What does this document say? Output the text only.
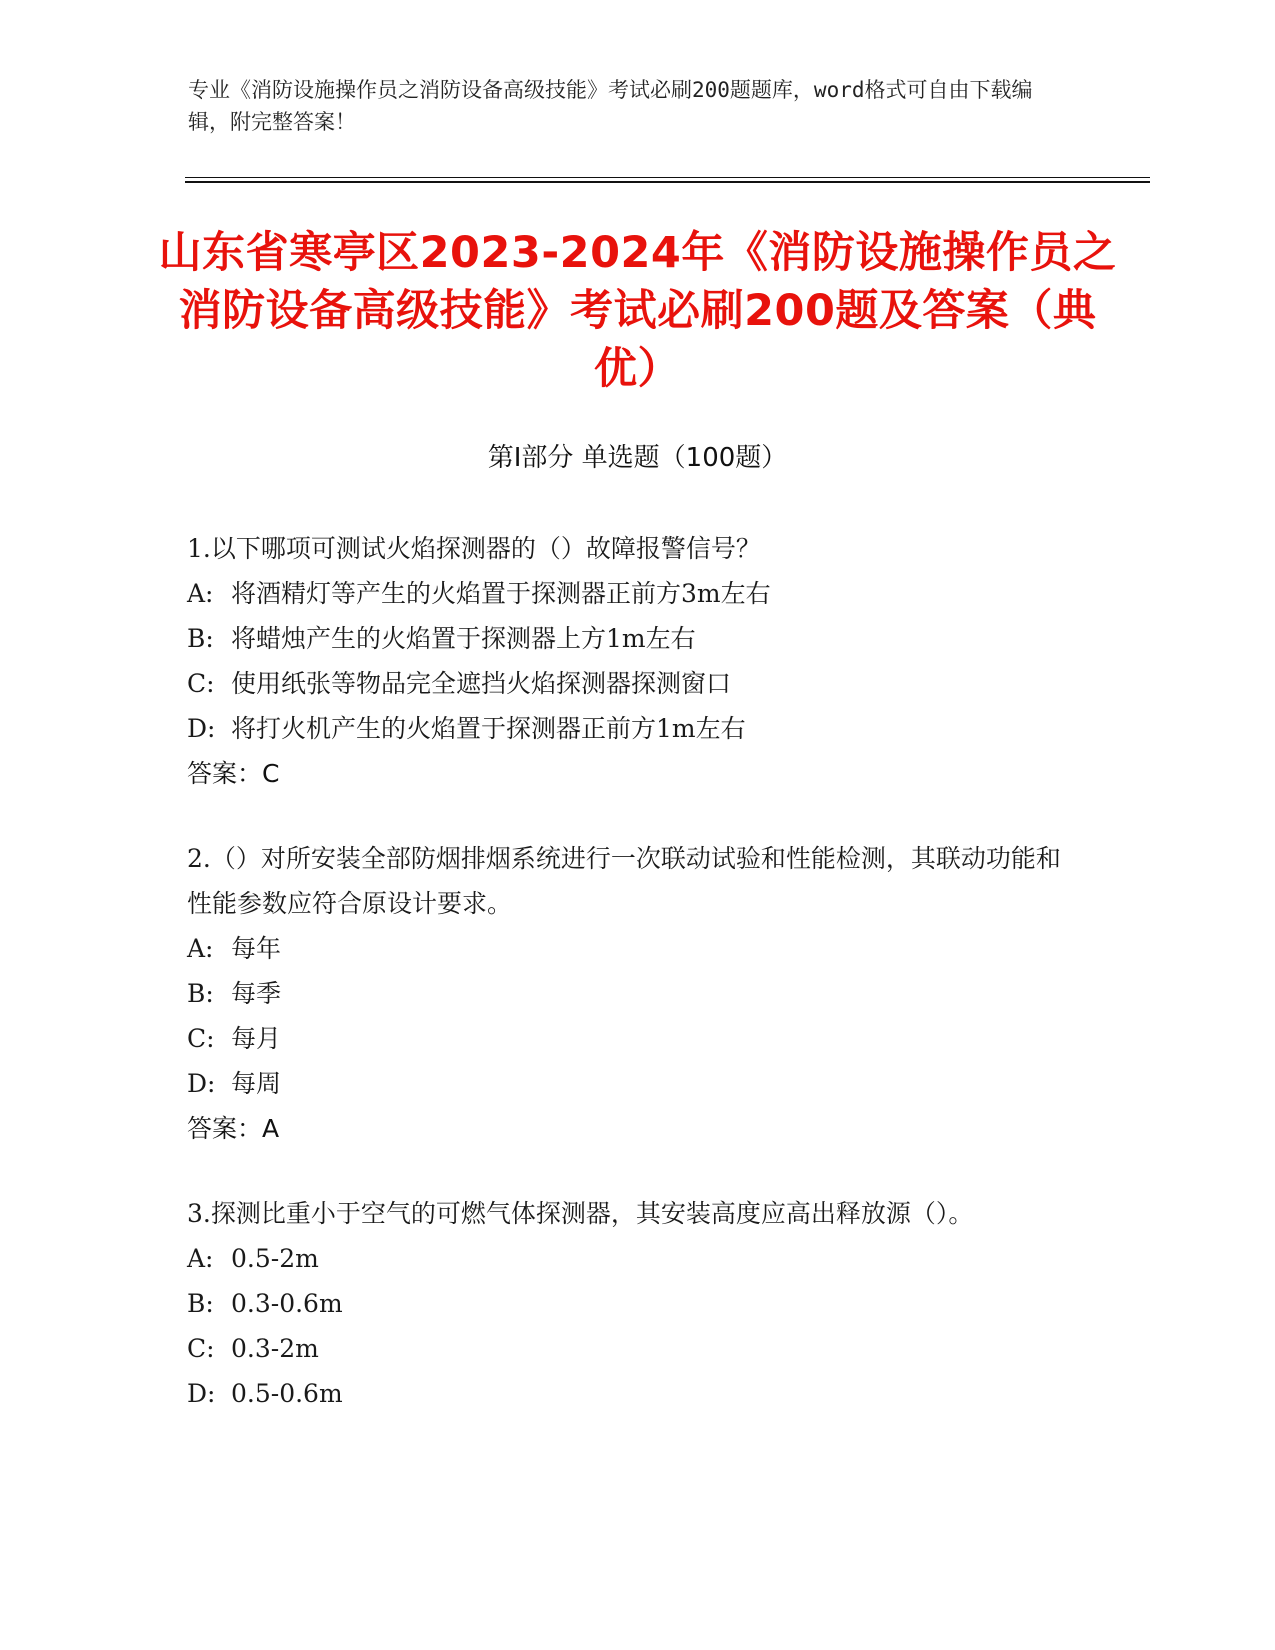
专业《消防设施操作员之消防设备高级技能》考试必刷200题题库，word格式可自由下载编辑，附完整答案！
山东省寒亭区2023-2024年《消防设施操作员之消防设备高级技能》考试必刷200题及答案（典优）
第I部分 单选题（100题）

1.以下哪项可测试火焰探测器的（）故障报警信号？

A: 将酒精灯等产生的火焰置于探测器正前方3m左右
B: 将蜡烛产生的火焰置于探测器上方1m左右
C: 使用纸张等物品完全遮挡火焰探测器探测窗口
D: 将打火机产生的火焰置于探测器正前方1m左右
答案：C

2.（）对所安装全部防烟排烟系统进行一次联动试验和性能检测，其联动功能和性能参数应符合原设计要求。

A: 每年
B: 每季
C: 每月
D: 每周
答案：A

3.探测比重小于空气的可燃气体探测器，其安装高度应高出释放源（）。

A: 0.5-2m
B: 0.3-0.6m
C: 0.3-2m
D: 0.5-0.6m
